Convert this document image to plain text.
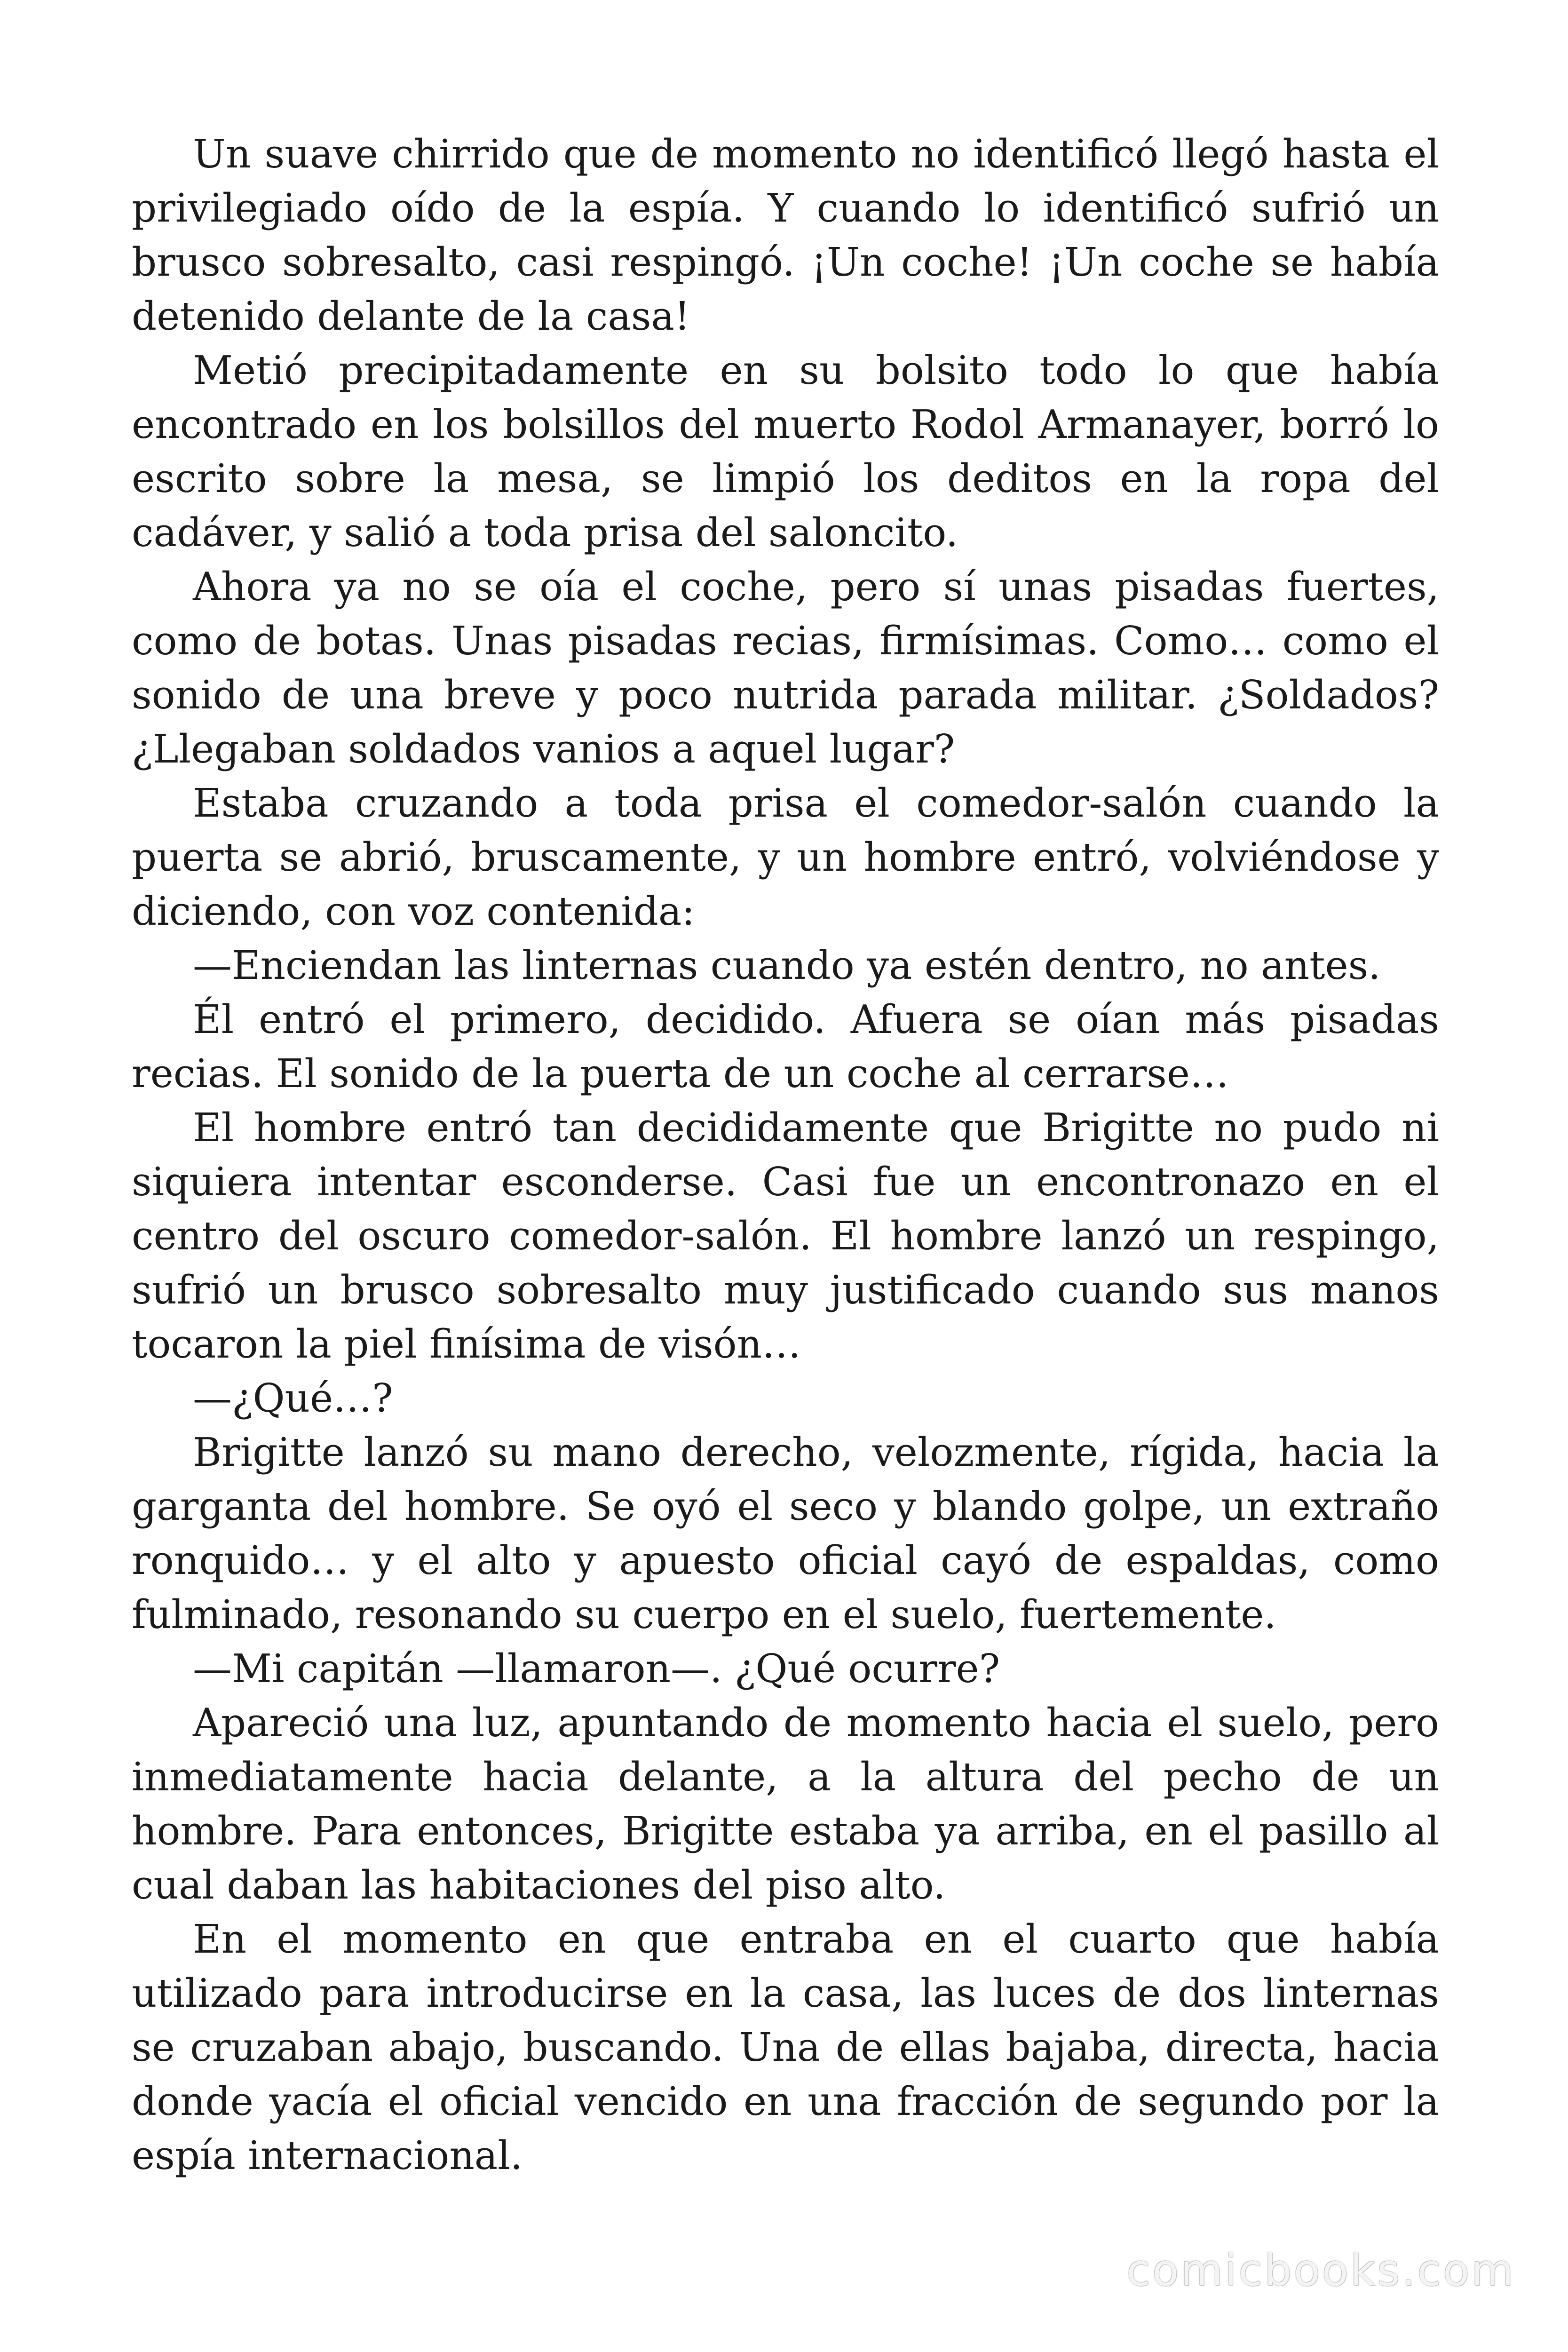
Un suave chirrido que de momento no identificó llegó hasta el privilegiado oído de la espía. Y cuando lo identificó sufrió un brusco sobresalto, casi respingó. ¡Un coche! ¡Un coche se había detenido delante de la casa!

Metió precipitadamente en su bolsito todo lo que había encontrado en los bolsillos del muerto Rodol Armanayer, borró lo escrito sobre la mesa, se limpió los deditos en la ropa del cadáver, y salió a toda prisa del saloncito.

Ahora ya no se oía el coche, pero sí unas pisadas fuertes, como de botas. Unas pisadas recias, firmísimas. Como… como el sonido de una breve y poco nutrida parada militar. ¿Soldados? ¿Llegaban soldados vanios a aquel lugar?

Estaba cruzando a toda prisa el comedor-salón cuando la puerta se abrió, bruscamente, y un hombre entró, volviéndose y diciendo, con voz contenida:

—Enciendan las linternas cuando ya estén dentro, no antes.

Él entró el primero, decidido. Afuera se oían más pisadas recias. El sonido de la puerta de un coche al cerrarse…

El hombre entró tan decididamente que Brigitte no pudo ni siquiera intentar esconderse. Casi fue un encontronazo en el centro del oscuro comedor-salón. El hombre lanzó un respingo, sufrió un brusco sobresalto muy justificado cuando sus manos tocaron la piel finísima de visón…

—¿Qué…?

Brigitte lanzó su mano derecho, velozmente, rígida, hacia la garganta del hombre. Se oyó el seco y blando golpe, un extraño ronquido… y el alto y apuesto oficial cayó de espaldas, como fulminado, resonando su cuerpo en el suelo, fuertemente.

—Mi capitán —llamaron—. ¿Qué ocurre?

Apareció una luz, apuntando de momento hacia el suelo, pero inmediatamente hacia delante, a la altura del pecho de un hombre. Para entonces, Brigitte estaba ya arriba, en el pasillo al cual daban las habitaciones del piso alto.

En el momento en que entraba en el cuarto que había utilizado para introducirse en la casa, las luces de dos linternas se cruzaban abajo, buscando. Una de ellas bajaba, directa, hacia donde yacía el oficial vencido en una fracción de segundo por la espía internacional.

comicbooks.com
